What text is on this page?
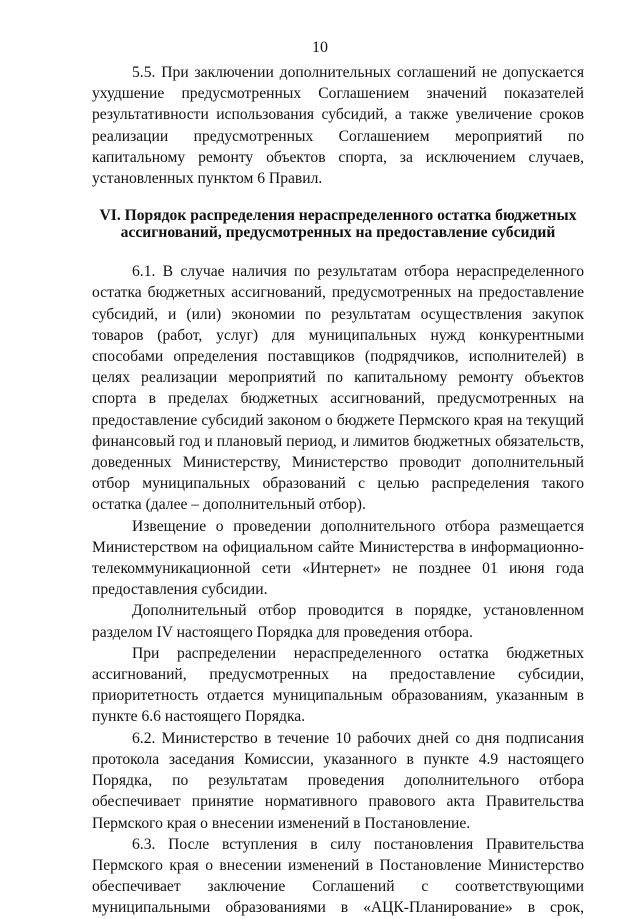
10

5.5. При заключении дополнительных соглашений не допускается ухудшение предусмотренных Соглашением значений показателей результативности использования субсидий, а также увеличение сроков реализации предусмотренных Соглашением мероприятий по капитальному ремонту объектов спорта, за исключением случаев, установленных пунктом 6 Правил.

VI. Порядок распределения нераспределенного остатка бюджетных ассигнований, предусмотренных на предоставление субсидий

6.1. В случае наличия по результатам отбора нераспределенного остатка бюджетных ассигнований, предусмотренных на предоставление субсидий, и (или) экономии по результатам осуществления закупок товаров (работ, услуг) для муниципальных нужд конкурентными способами определения поставщиков (подрядчиков, исполнителей) в целях реализации мероприятий по капитальному ремонту объектов спорта в пределах бюджетных ассигнований, предусмотренных на предоставление субсидий законом о бюджете Пермского края на текущий финансовый год и плановый период, и лимитов бюджетных обязательств, доведенных Министерству, Министерство проводит дополнительный отбор муниципальных образований с целью распределения такого остатка (далее – дополнительный отбор).

Извещение о проведении дополнительного отбора размещается Министерством на официальном сайте Министерства в информационно-телекоммуникационной сети «Интернет» не позднее 01 июня года предоставления субсидии.

Дополнительный отбор проводится в порядке, установленном разделом IV настоящего Порядка для проведения отбора.

При распределении нераспределенного остатка бюджетных ассигнований, предусмотренных на предоставление субсидии, приоритетность отдается муниципальным образованиям, указанным в пункте 6.6 настоящего Порядка.

6.2. Министерство в течение 10 рабочих дней со дня подписания протокола заседания Комиссии, указанного в пункте 4.9 настоящего Порядка, по результатам проведения дополнительного отбора обеспечивает принятие нормативного правового акта Правительства Пермского края о внесении изменений в Постановление.

6.3. После вступления в силу постановления Правительства Пермского края о внесении изменений в Постановление Министерство обеспечивает заключение Соглашений с соответствующими муниципальными образованиями в «АЦК-Планирование» в срок,
